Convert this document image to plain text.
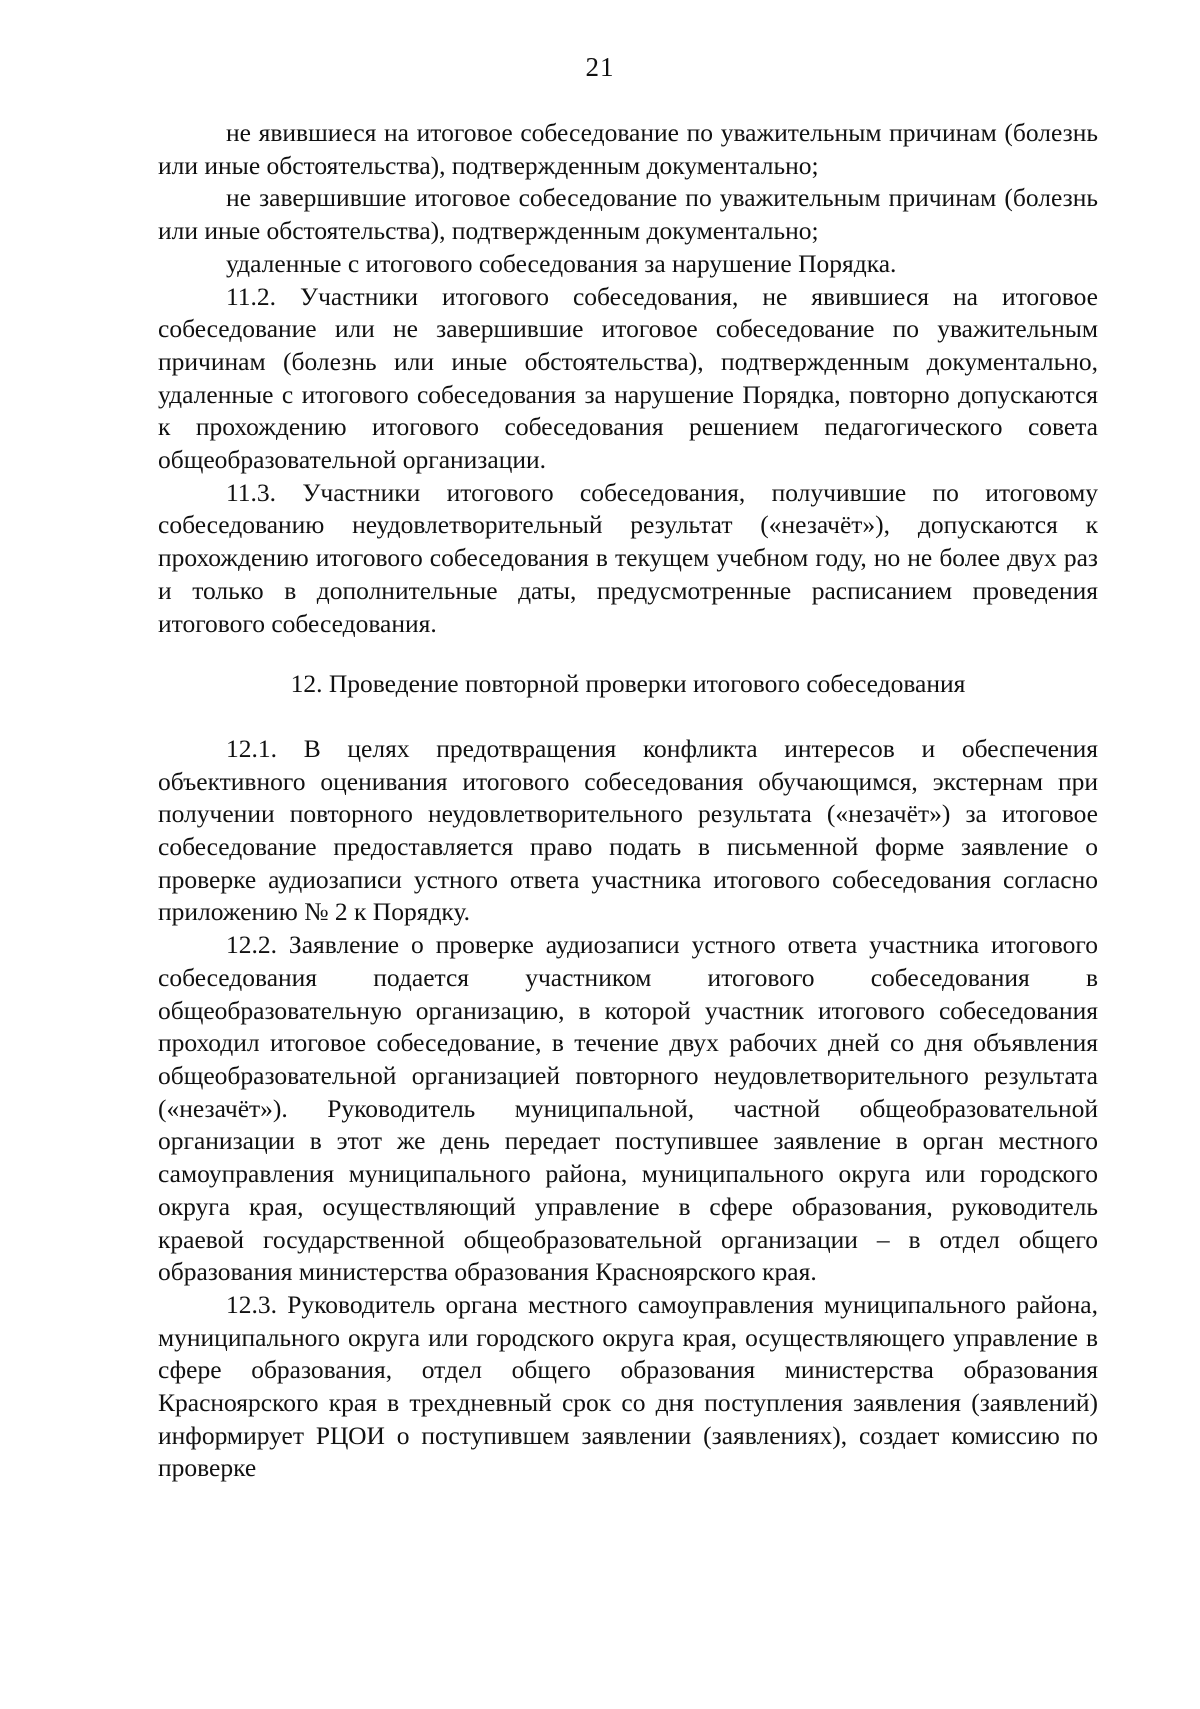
21

не явившиеся на итоговое собеседование по уважительным причинам (болезнь или иные обстоятельства), подтвержденным документально;

не завершившие итоговое собеседование по уважительным причинам (болезнь или иные обстоятельства), подтвержденным документально;

удаленные с итогового собеседования за нарушение Порядка.

11.2. Участники итогового собеседования, не явившиеся на итоговое собеседование или не завершившие итоговое собеседование по уважительным причинам (болезнь или иные обстоятельства), подтвержденным документально, удаленные с итогового собеседования за нарушение Порядка, повторно допускаются к прохождению итогового собеседования решением педагогического совета общеобразовательной организации.

11.3. Участники итогового собеседования, получившие по итоговому собеседованию неудовлетворительный результат («незачёт»), допускаются к прохождению итогового собеседования в текущем учебном году, но не более двух раз и только в дополнительные даты, предусмотренные расписанием проведения итогового собеседования.

12. Проведение повторной проверки итогового собеседования

12.1. В целях предотвращения конфликта интересов и обеспечения объективного оценивания итогового собеседования обучающимся, экстернам при получении повторного неудовлетворительного результата («незачёт») за итоговое собеседование предоставляется право подать в письменной форме заявление о проверке аудиозаписи устного ответа участника итогового собеседования согласно приложению № 2 к Порядку.

12.2. Заявление о проверке аудиозаписи устного ответа участника итогового собеседования подается участником итогового собеседования в общеобразовательную организацию, в которой участник итогового собеседования проходил итоговое собеседование, в течение двух рабочих дней со дня объявления общеобразовательной организацией повторного неудовлетворительного результата («незачёт»). Руководитель муниципальной, частной общеобразовательной организации в этот же день передает поступившее заявление в орган местного самоуправления муниципального района, муниципального округа или городского округа края, осуществляющий управление в сфере образования, руководитель краевой государственной общеобразовательной организации – в отдел общего образования министерства образования Красноярского края.

12.3. Руководитель органа местного самоуправления муниципального района, муниципального округа или городского округа края, осуществляющего управление в сфере образования, отдел общего образования министерства образования Красноярского края в трехдневный срок со дня поступления заявления (заявлений) информирует РЦОИ о поступившем заявлении (заявлениях), создает комиссию по проверке
